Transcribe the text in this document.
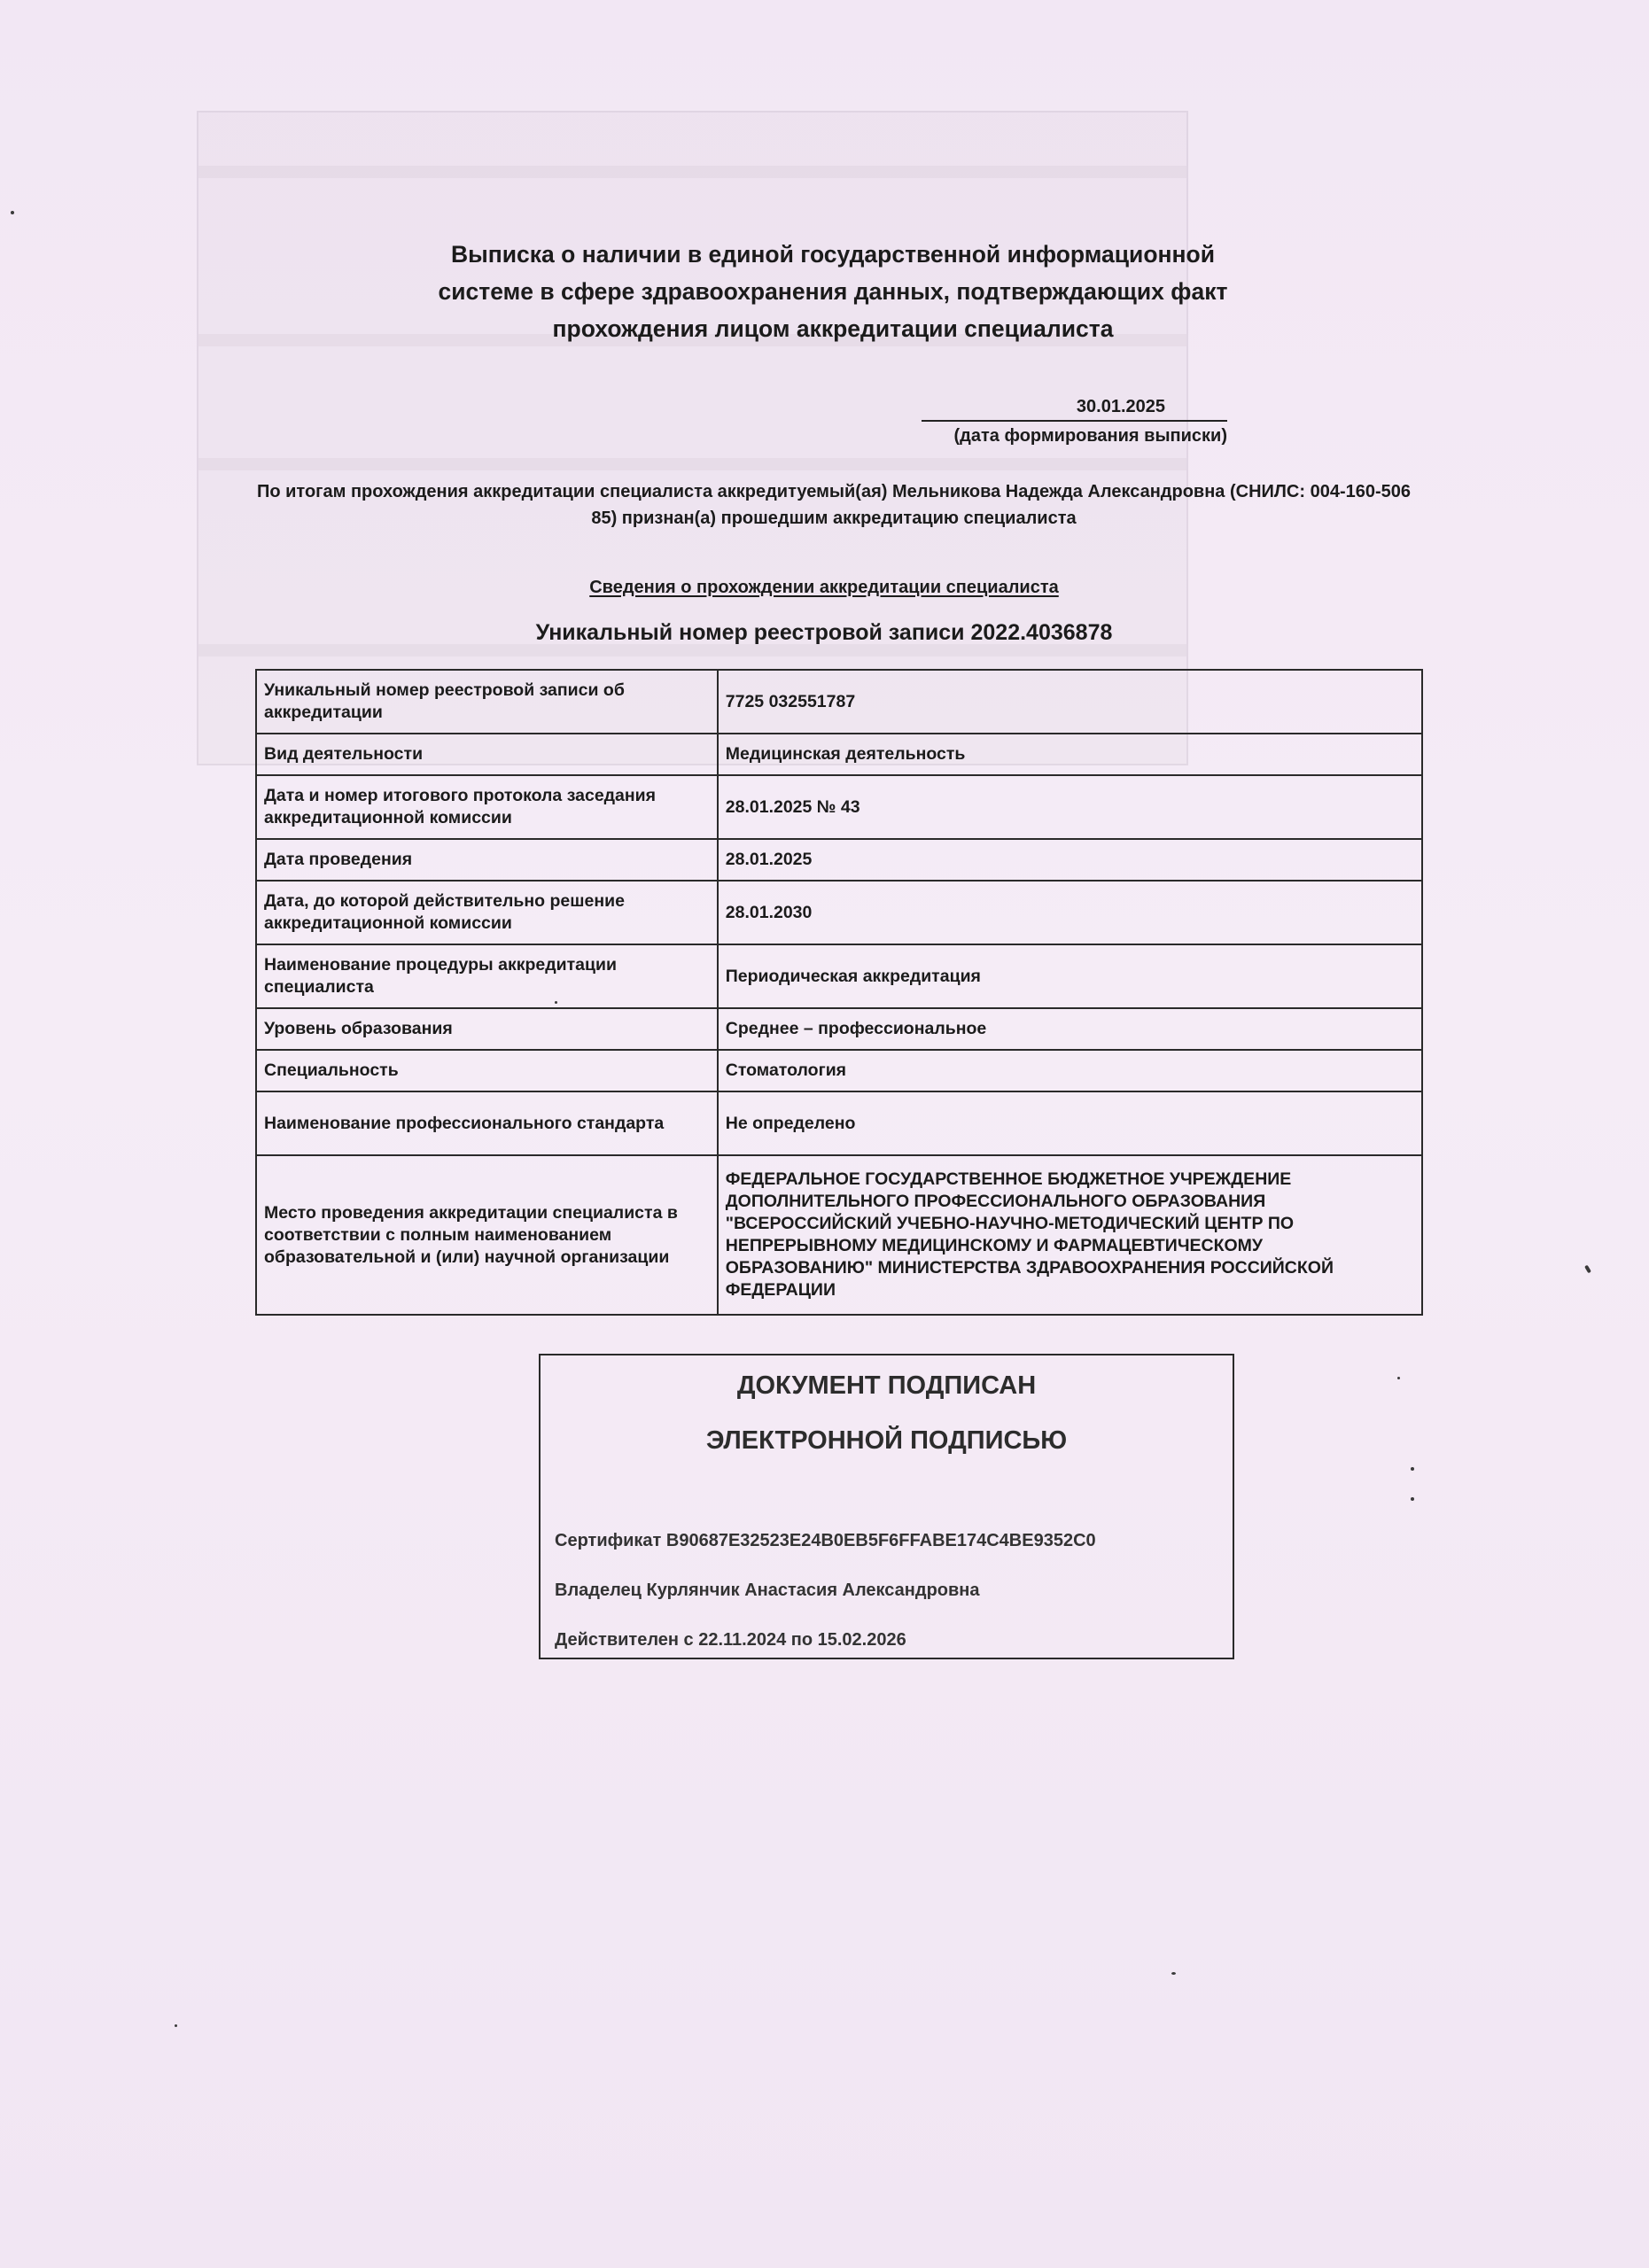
Выписка о наличии в единой государственной информационной
системе в сфере здравоохранения данных, подтверждающих факт
прохождения лицом аккредитации специалиста
30.01.2025
(дата формирования выписки)
По итогам прохождения аккредитации специалиста аккредитуемый(ая) Мельникова Надежда Александровна (СНИЛС: 004-160-506 85) признан(а) прошедшим аккредитацию специалиста
Сведения о прохождении аккредитации специалиста
Уникальный номер реестровой записи 2022.4036878
Уникальный номер реестровой записи об аккредитации	7725 032551787
Вид деятельности	Медицинская деятельность
Дата и номер итогового протокола заседания аккредитационной комиссии	28.01.2025 № 43
Дата проведения	28.01.2025
Дата, до которой действительно решение аккредитационной комиссии	28.01.2030
Наименование процедуры аккредитации специалиста	Периодическая аккредитация
Уровень образования	Среднее – профессиональное
Специальность	Стоматология
Наименование профессионального стандарта	Не определено
Место проведения аккредитации специалиста в соответствии с полным наименованием образовательной и (или) научной организации	ФЕДЕРАЛЬНОЕ ГОСУДАРСТВЕННОЕ БЮДЖЕТНОЕ УЧРЕЖДЕНИЕ ДОПОЛНИТЕЛЬНОГО ПРОФЕССИОНАЛЬНОГО ОБРАЗОВАНИЯ "ВСЕРОССИЙСКИЙ УЧЕБНО-НАУЧНО-МЕТОДИЧЕСКИЙ ЦЕНТР ПО НЕПРЕРЫВНОМУ МЕДИЦИНСКОМУ И ФАРМАЦЕВТИЧЕСКОМУ ОБРАЗОВАНИЮ" МИНИСТЕРСТВА ЗДРАВООХРАНЕНИЯ РОССИЙСКОЙ ФЕДЕРАЦИИ
ДОКУМЕНТ ПОДПИСАН
ЭЛЕКТРОННОЙ ПОДПИСЬЮ
Сертификат B90687E32523E24B0EB5F6FFABE174C4BE9352C0
Владелец Курлянчик Анастасия Александровна
Действителен с 22.11.2024 по 15.02.2026
